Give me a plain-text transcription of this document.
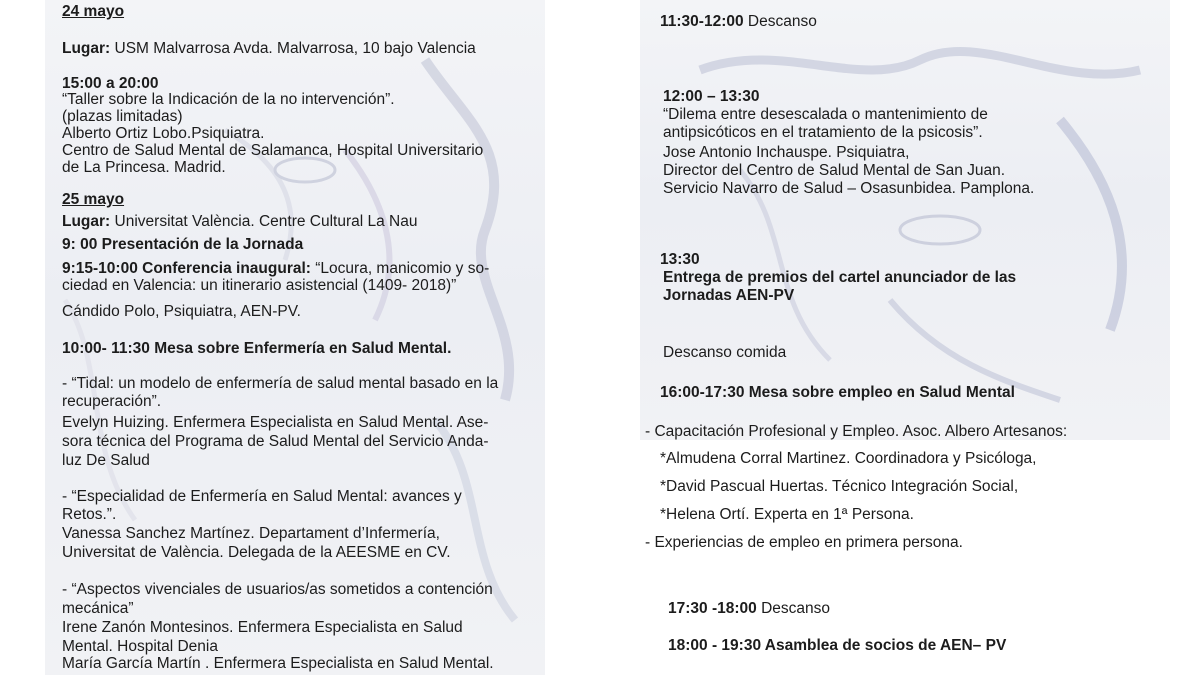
24 mayo

Lugar: USM Malvarrosa Avda. Malvarrosa, 10 bajo Valencia

15:00 a 20:00

“Taller sobre la Indicación de la no intervención”.

(plazas limitadas)

Alberto Ortiz Lobo.Psiquiatra.

Centro de Salud Mental de Salamanca, Hospital Universitario

de La Princesa. Madrid.

25 mayo

Lugar: Universitat València. Centre Cultural La Nau

9: 00 Presentación de la Jornada

9:15-10:00 Conferencia inaugural: “Locura, manicomio y so-

ciedad en Valencia: un itinerario asistencial (1409- 2018)”

Cándido Polo, Psiquiatra, AEN-PV.

10:00- 11:30 Mesa sobre Enfermería en Salud Mental.

- “Tidal: un modelo de enfermería de salud mental basado en la

recuperación”.

Evelyn Huizing. Enfermera Especialista en Salud Mental. Ase-

sora técnica del Programa de Salud Mental del Servicio Anda-

luz De Salud

- “Especialidad de Enfermería en Salud Mental: avances y

Retos.”.

Vanessa Sanchez Martínez. Departament d’Infermería,

Universitat de València. Delegada de la AEESME en CV.

- “Aspectos vivenciales de usuarios/as sometidos a contención

mecánica”

Irene Zanón Montesinos. Enfermera Especialista en Salud

Mental. Hospital Denia

María García Martín . Enfermera Especialista en Salud Mental.

11:30-12:00 Descanso

12:00 – 13:30

“Dilema entre desescalada o mantenimiento de

antipsicóticos en el tratamiento de la psicosis”.

Jose Antonio Inchauspe. Psiquiatra,

Director del Centro de Salud Mental de San Juan.

Servicio Navarro de Salud – Osasunbidea. Pamplona.

13:30

Entrega de premios del cartel anunciador de las

Jornadas AEN-PV

Descanso comida

16:00-17:30 Mesa sobre empleo en Salud Mental

- Capacitación Profesional y Empleo. Asoc. Albero Artesanos:

*Almudena Corral Martinez. Coordinadora y Psicóloga,

*David Pascual Huertas. Técnico Integración Social,

*Helena Ortí. Experta en 1ª Persona.

- Experiencias de empleo en primera persona.

17:30 -18:00 Descanso

18:00 - 19:30 Asamblea de socios de AEN– PV
